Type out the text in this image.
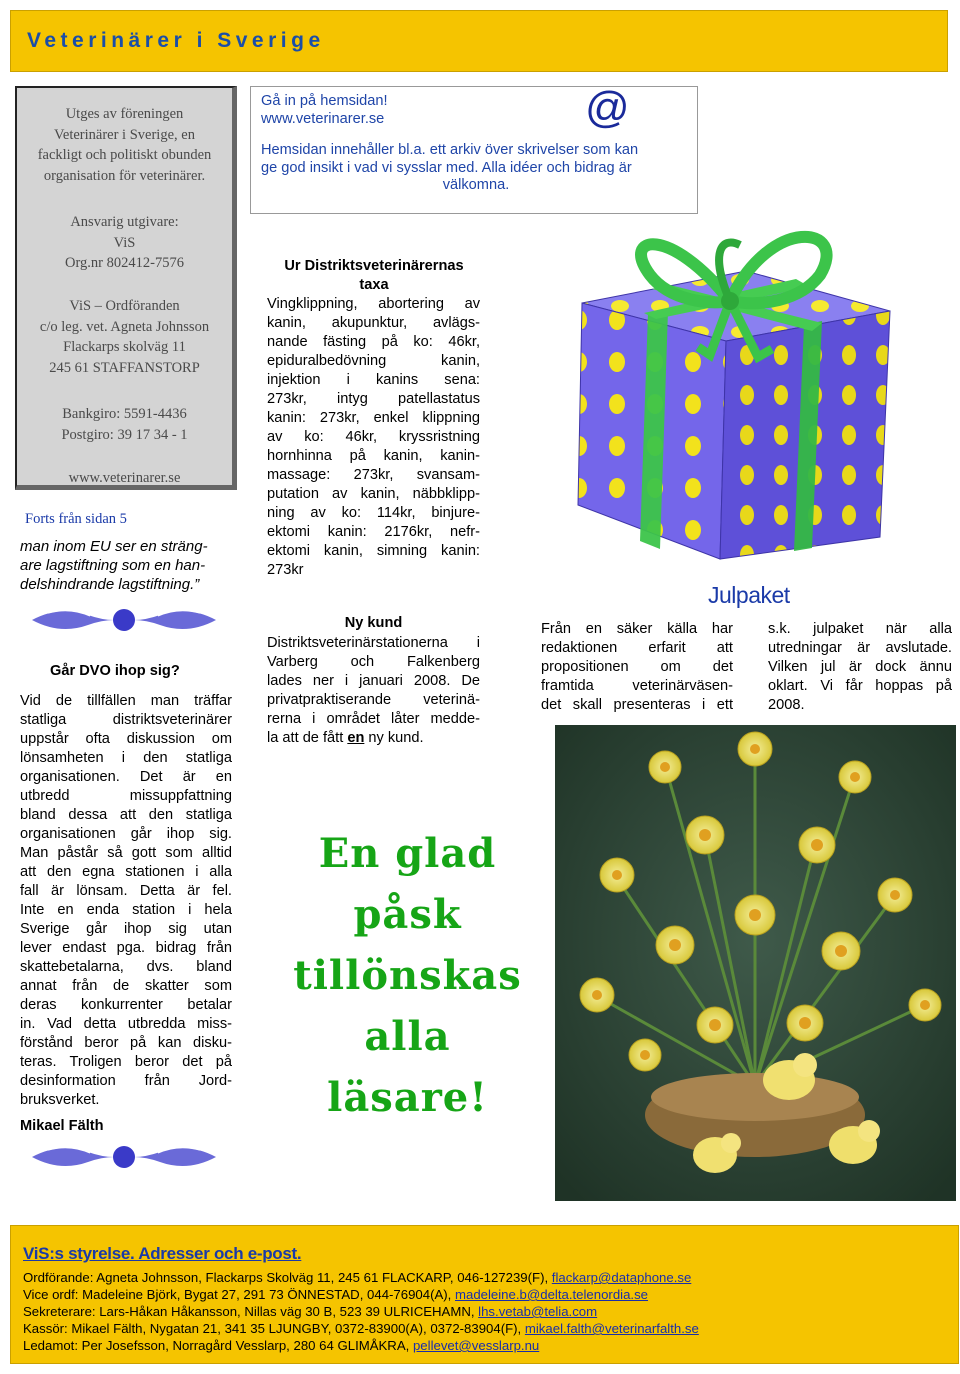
Veterinärer i Sverige
Utges av föreningen
Veterinärer i Sverige, en
fackligt och politiskt obunden
organisation för veterinärer.
Ansvarig utgivare:
ViS
Org.nr 802412-7576
ViS – Ordföranden
c/o leg. vet. Agneta Johnsson
Flackarps skolväg 11
245 61 STAFFANSTORP
Bankgiro: 5591-4436
Postgiro: 39 17 34 - 1
www.veterinarer.se
Forts från sidan 5
man inom EU ser en sträng-
are lagstiftning som en han-
delshindrande lagstiftning.”
Går DVO ihop sig?
Vid de tillfällen man träffar
statliga distriktsveterinärer
uppstår ofta diskussion om
lönsamheten i den statliga
organisationen. Det är en
utbredd missuppfattning
bland dessa att den statliga
organisationen går ihop sig.
Man påstår så gott som alltid
att den egna stationen i alla
fall är lönsam. Detta är fel.
Inte en enda station i hela
Sverige går ihop sig utan
lever endast pga. bidrag från
skattebetalarna, dvs. bland
annat från de skatter som
deras konkurrenter betalar
in. Vad detta utbredda miss-
förstånd beror på kan disku-
teras. Troligen beror det på
desinformation från Jord-
bruksverket.
Mikael Fälth
Gå in på hemsidan!
www.veterinarer.se	@
Hemsidan innehåller bl.a. ett arkiv över skrivelser som kan
ge god insikt i vad vi sysslar med. Alla idéer och bidrag är
välkomna.
Ur Distriktsveterinärernas
taxa
Vingklippning, abortering av
kanin, akupunktur, avlägs-
nande fästing på ko: 46kr,
epiduralbedövning kanin,
injektion i kanins sena:
273kr, intyg patellastatus
kanin: 273kr, enkel klippning
av ko: 46kr, kryssristning
hornhinna på kanin, kanin-
massage: 273kr, svansam-
putation av kanin, näbbklipp-
ning av ko: 114kr, binjure-
ektomi kanin: 2176kr, nefr-
ektomi kanin, simning kanin:
273kr
Ny kund
Distriktsveterinärstationerna i
Varberg och Falkenberg
lades ner i januari 2008. De
privatpraktiserande veterinä-
rerna i området låter medde-
la att de fått en ny kund.
En glad
påsk
tillönskas
alla
läsare!
Julpaket
Från en säker källa har
redaktionen erfarit att
propositionen om det
framtida veterinärväsen-
det skall presenteras i ett
s.k. julpaket när alla
utredningar är avslutade.
Vilken jul är dock ännu
oklart. Vi får hoppas på
2008.
ViS:s styrelse. Adresser och e-post.
Ordförande: Agneta Johnsson, Flackarps Skolväg 11, 245 61 FLACKARP, 046-127239(F), flackarp@dataphone.se
Vice ordf: Madeleine Björk, Bygat 27, 291 73 ÖNNESTAD, 044-76904(A), madeleine.b@delta.telenordia.se
Sekreterare: Lars-Håkan Håkansson, Nillas väg 30 B, 523 39 ULRICEHAMN, lhs.vetab@telia.com
Kassör: Mikael Fälth, Nygatan 21, 341 35 LJUNGBY, 0372-83900(A), 0372-83904(F), mikael.falth@veterinarfalth.se
Ledamot: Per Josefsson, Norragård Vesslarp, 280 64 GLIMÅKRA, pellevet@vesslarp.nu
